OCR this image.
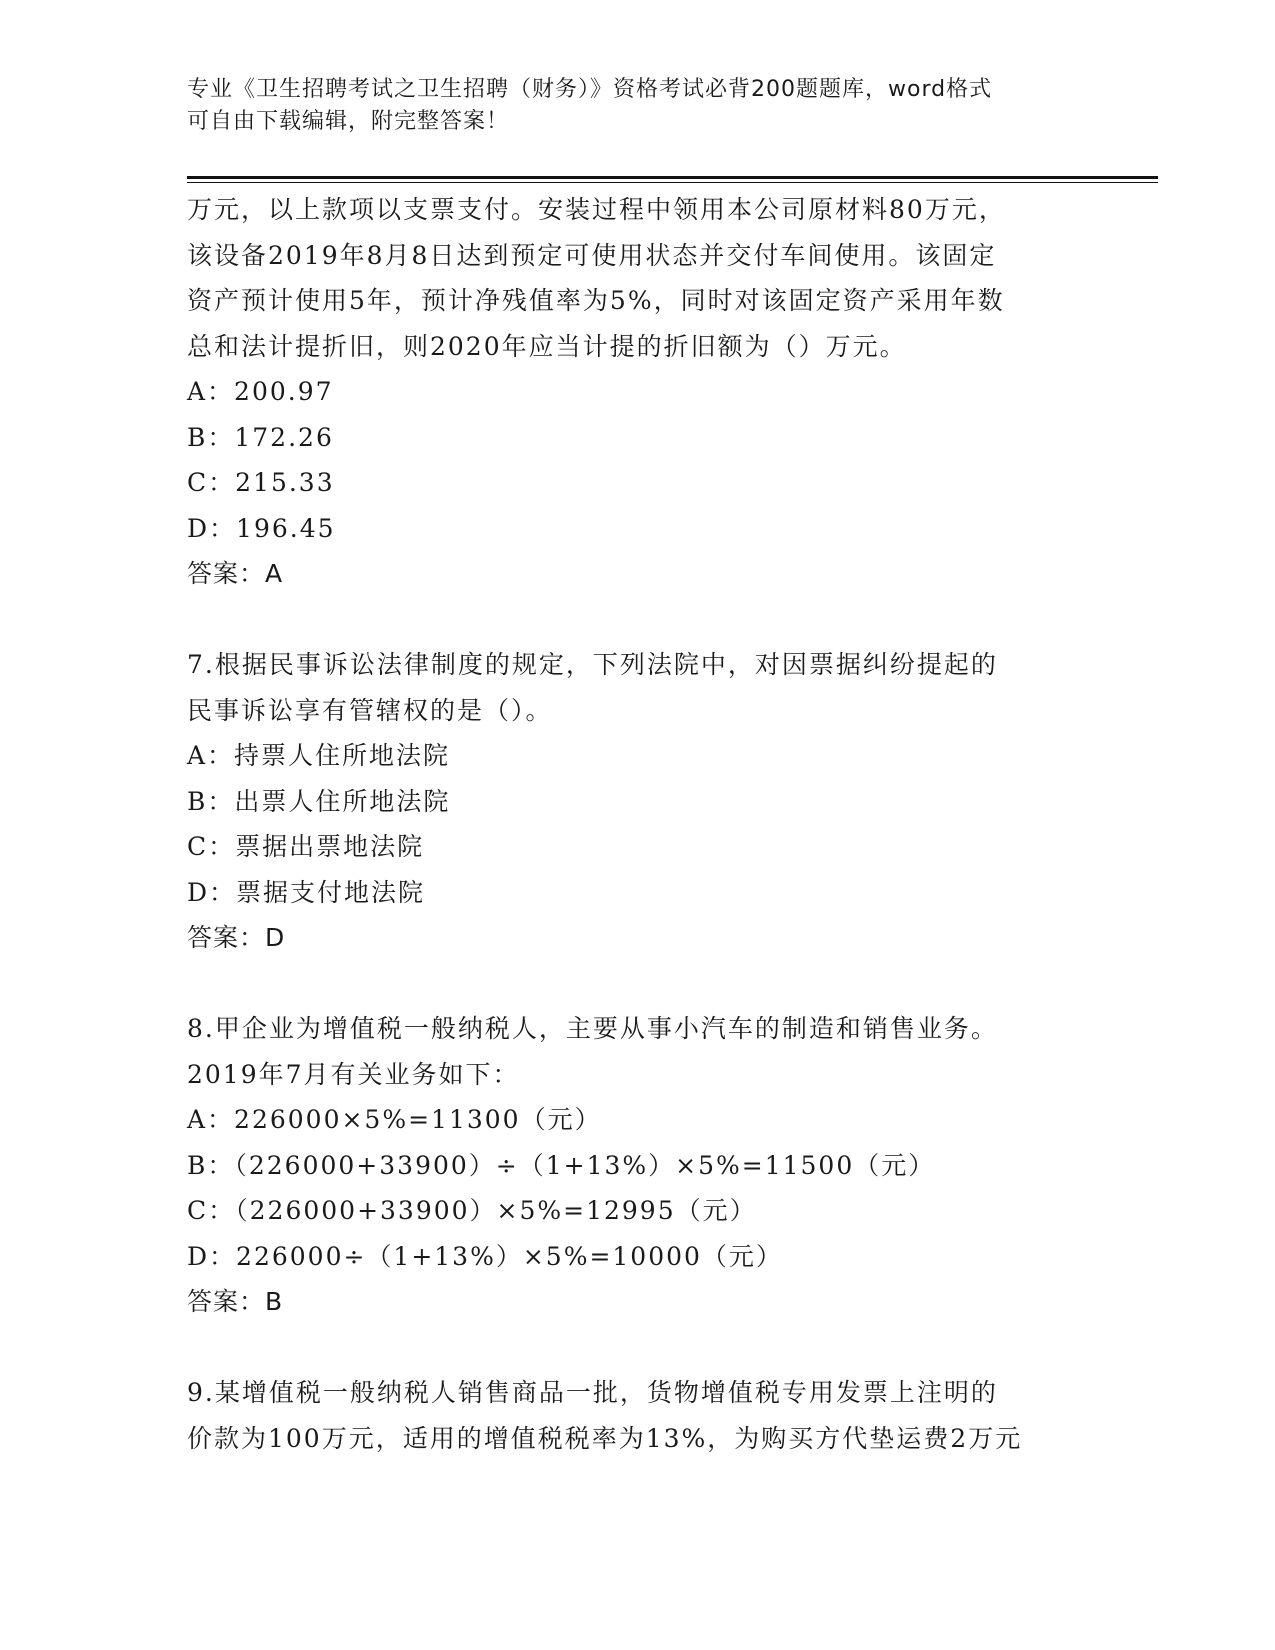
专业《卫生招聘考试之卫生招聘（财务）》资格考试必背200题题库，word格式
可自由下载编辑，附完整答案！
万元，以上款项以支票支付。安装过程中领用本公司原材料80万元，
该设备2019年8月8日达到预定可使用状态并交付车间使用。该固定
资产预计使用5年，预计净残值率为5%，同时对该固定资产采用年数
总和法计提折旧，则2020年应当计提的折旧额为（）万元。
A：200.97
B：172.26
C：215.33
D：196.45
答案：A
7.根据民事诉讼法律制度的规定，下列法院中，对因票据纠纷提起的
民事诉讼享有管辖权的是（）。
A：持票人住所地法院
B：出票人住所地法院
C：票据出票地法院
D：票据支付地法院
答案：D
8.甲企业为增值税一般纳税人，主要从事小汽车的制造和销售业务。
2019年7月有关业务如下：
A：226000×5%=11300（元）
B：（226000+33900）÷（1+13%）×5%=11500（元）
C：（226000+33900）×5%=12995（元）
D：226000÷（1+13%）×5%=10000（元）
答案：B
9.某增值税一般纳税人销售商品一批，货物增值税专用发票上注明的
价款为100万元，适用的增值税税率为13%，为购买方代垫运费2万元
